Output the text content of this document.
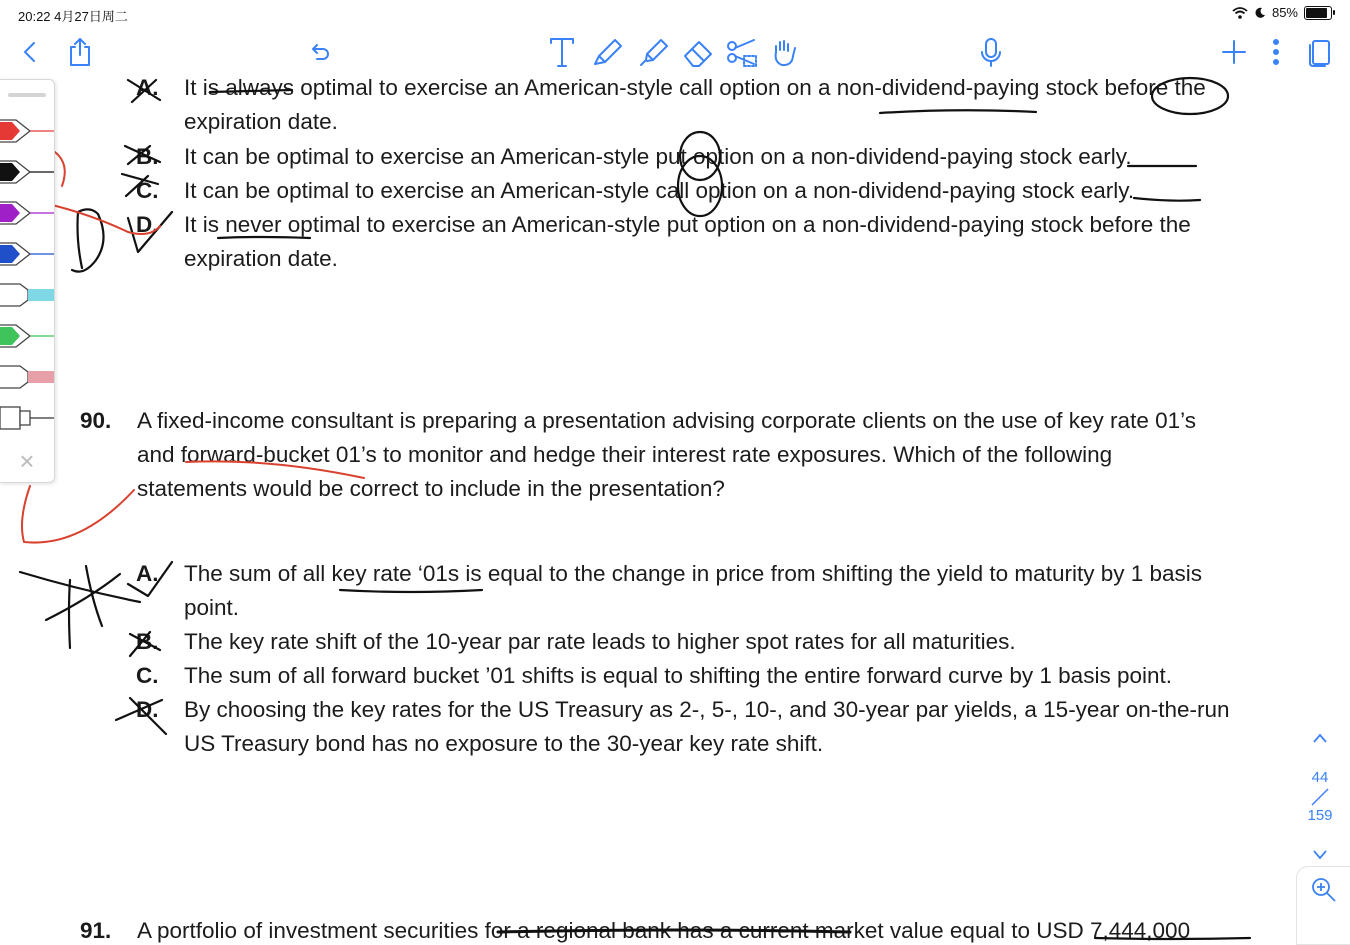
20:22 4月27日周二	85%
A. It is always optimal to exercise an American-style call option on a non-dividend-paying stock before the
expiration date.
B. It can be optimal to exercise an American-style put option on a non-dividend-paying stock early.
C. It can be optimal to exercise an American-style call option on a non-dividend-paying stock early.
D. It is never optimal to exercise an American-style put option on a non-dividend-paying stock before the
expiration date.
90. A fixed-income consultant is preparing a presentation advising corporate clients on the use of key rate 01’s
and forward-bucket 01’s to monitor and hedge their interest rate exposures. Which of the following
statements would be correct to include in the presentation?
A. The sum of all key rate ‘01s is equal to the change in price from shifting the yield to maturity by 1 basis
point.
B. The key rate shift of the 10-year par rate leads to higher spot rates for all maturities.
C. The sum of all forward bucket ’01 shifts is equal to shifting the entire forward curve by 1 basis point.
D. By choosing the key rates for the US Treasury as 2-, 5-, 10-, and 30-year par yields, a 15-year on-the-run
US Treasury bond has no exposure to the 30-year key rate shift.
91. A portfolio of investment securities for a regional bank has a current market value equal to USD 7,444,000
×
44
159
